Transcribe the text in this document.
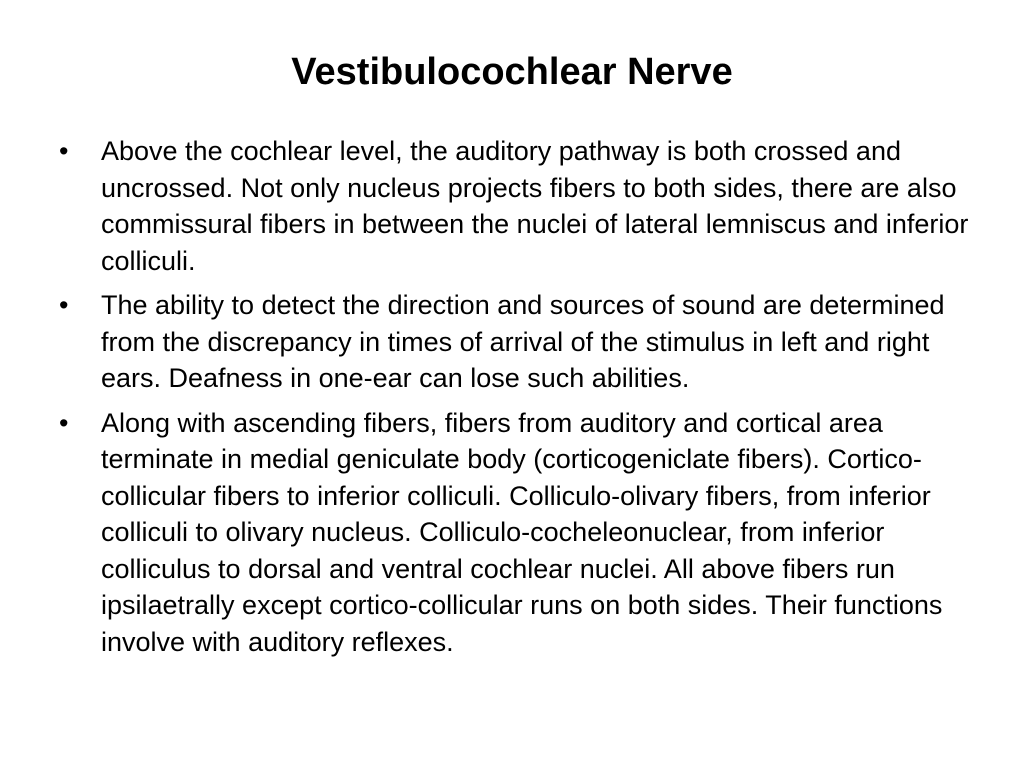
Vestibulocochlear Nerve
•	Above the cochlear level, the auditory pathway is both crossed and uncrossed. Not only nucleus projects fibers to both sides, there are also commissural fibers in between the nuclei of lateral lemniscus and inferior colliculi.
•	The ability to detect the direction and sources of sound are determined from the discrepancy in times of arrival of the stimulus in left and right ears. Deafness in one-ear can lose such abilities.
•	Along with ascending fibers, fibers from auditory and cortical area terminate in medial geniculate body (corticogeniclate fibers). Cortico-collicular fibers to inferior colliculi. Colliculo-olivary fibers, from inferior colliculi to olivary nucleus. Colliculo-cocheleonuclear, from inferior colliculus to dorsal and ventral cochlear nuclei. All above fibers run ipsilaetrally except cortico-collicular runs on both sides. Their functions involve with auditory reflexes.
